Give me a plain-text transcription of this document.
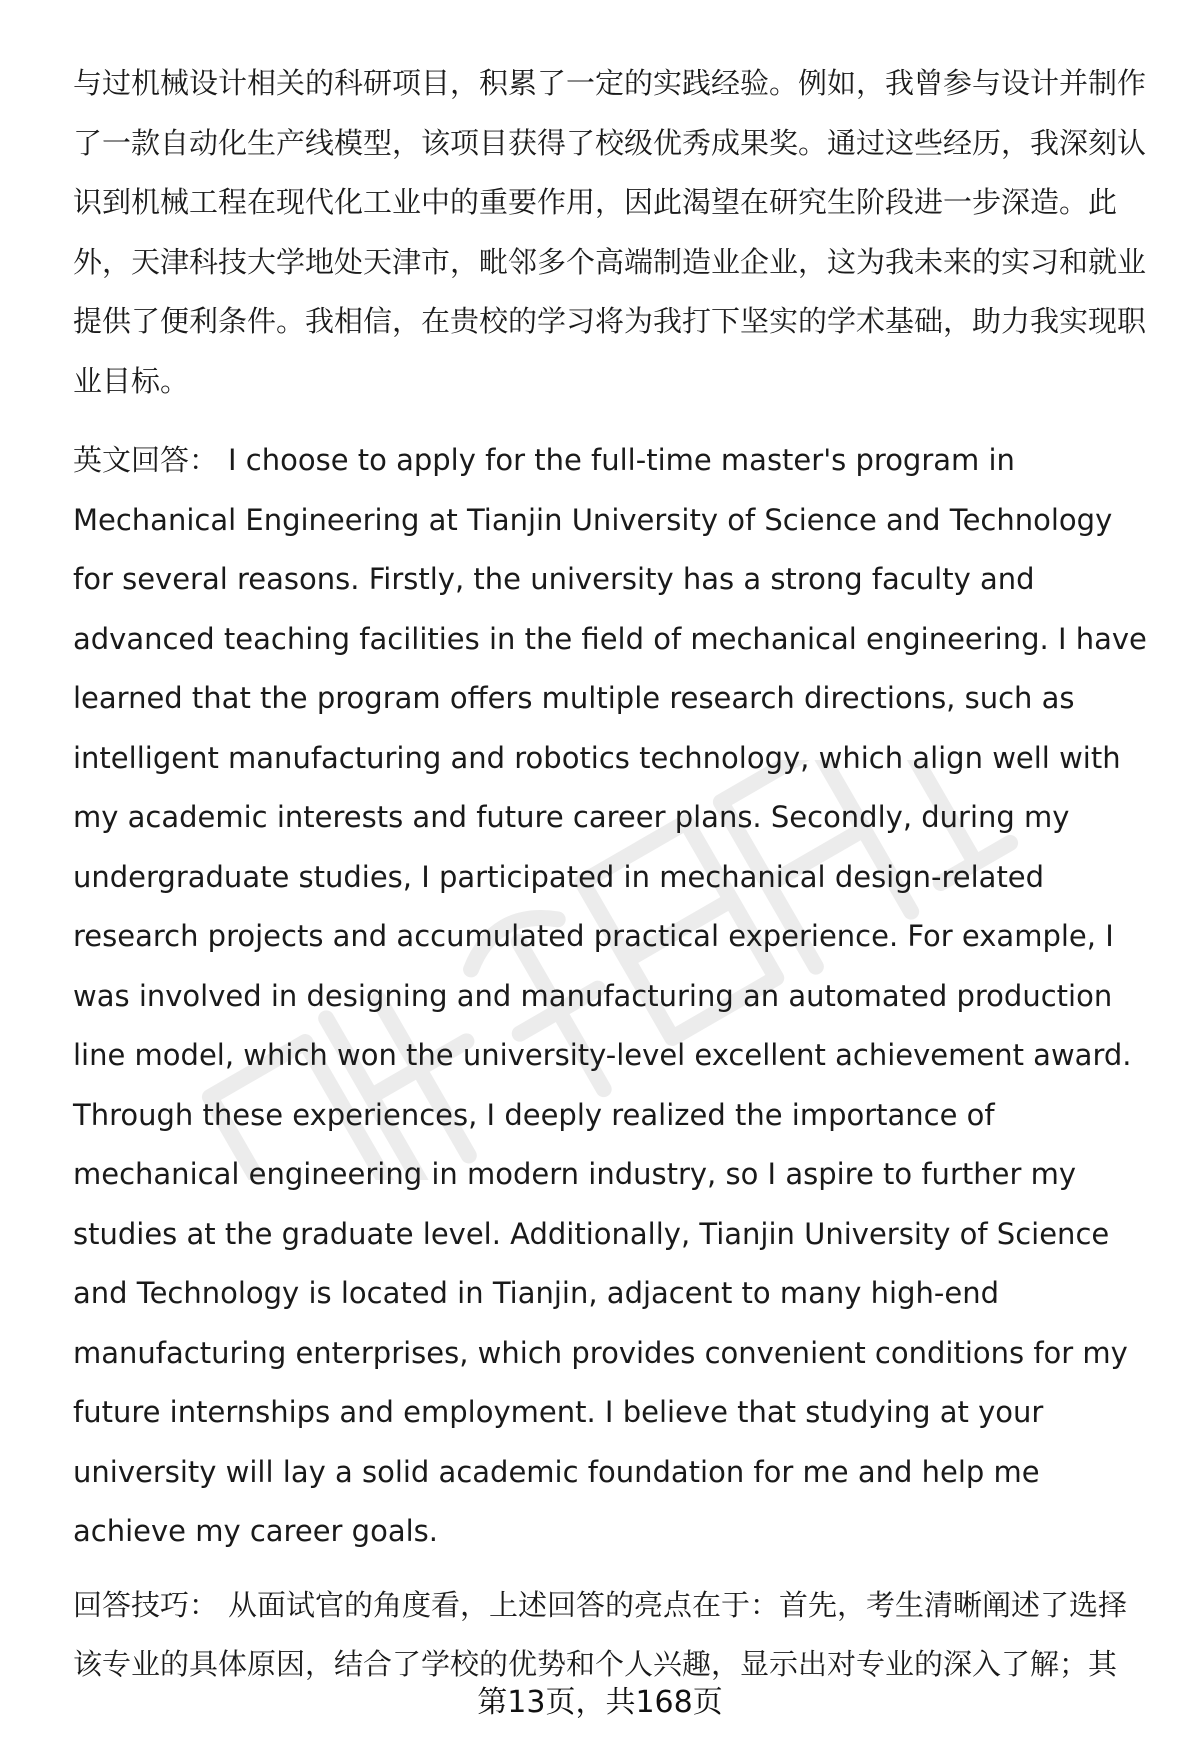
与过机械设计相关的科研项目，积累了一定的实践经验。例如，我曾参与设计并制作了一款自动化生产线模型，该项目获得了校级优秀成果奖。通过这些经历，我深刻认识到机械工程在现代化工业中的重要作用，因此渴望在研究生阶段进一步深造。此外，天津科技大学地处天津市，毗邻多个高端制造业企业，这为我未来的实习和就业提供了便利条件。我相信，在贵校的学习将为我打下坚实的学术基础，助力我实现职业目标。

英文回答： I choose to apply for the full-time master's program in Mechanical Engineering at Tianjin University of Science and Technology for several reasons. Firstly, the university has a strong faculty and advanced teaching facilities in the field of mechanical engineering. I have learned that the program offers multiple research directions, such as intelligent manufacturing and robotics technology, which align well with my academic interests and future career plans. Secondly, during my undergraduate studies, I participated in mechanical design-related research projects and accumulated practical experience. For example, I was involved in designing and manufacturing an automated production line model, which won the university-level excellent achievement award. Through these experiences, I deeply realized the importance of mechanical engineering in modern industry, so I aspire to further my studies at the graduate level. Additionally, Tianjin University of Science and Technology is located in Tianjin, adjacent to many high-end manufacturing enterprises, which provides convenient conditions for my future internships and employment. I believe that studying at your university will lay a solid academic foundation for me and help me achieve my career goals.

回答技巧： 从面试官的角度看，上述回答的亮点在于：首先，考生清晰阐述了选择该专业的具体原因，结合了学校的优势和个人兴趣，显示出对专业的深入了解；其

第13页，共168页
